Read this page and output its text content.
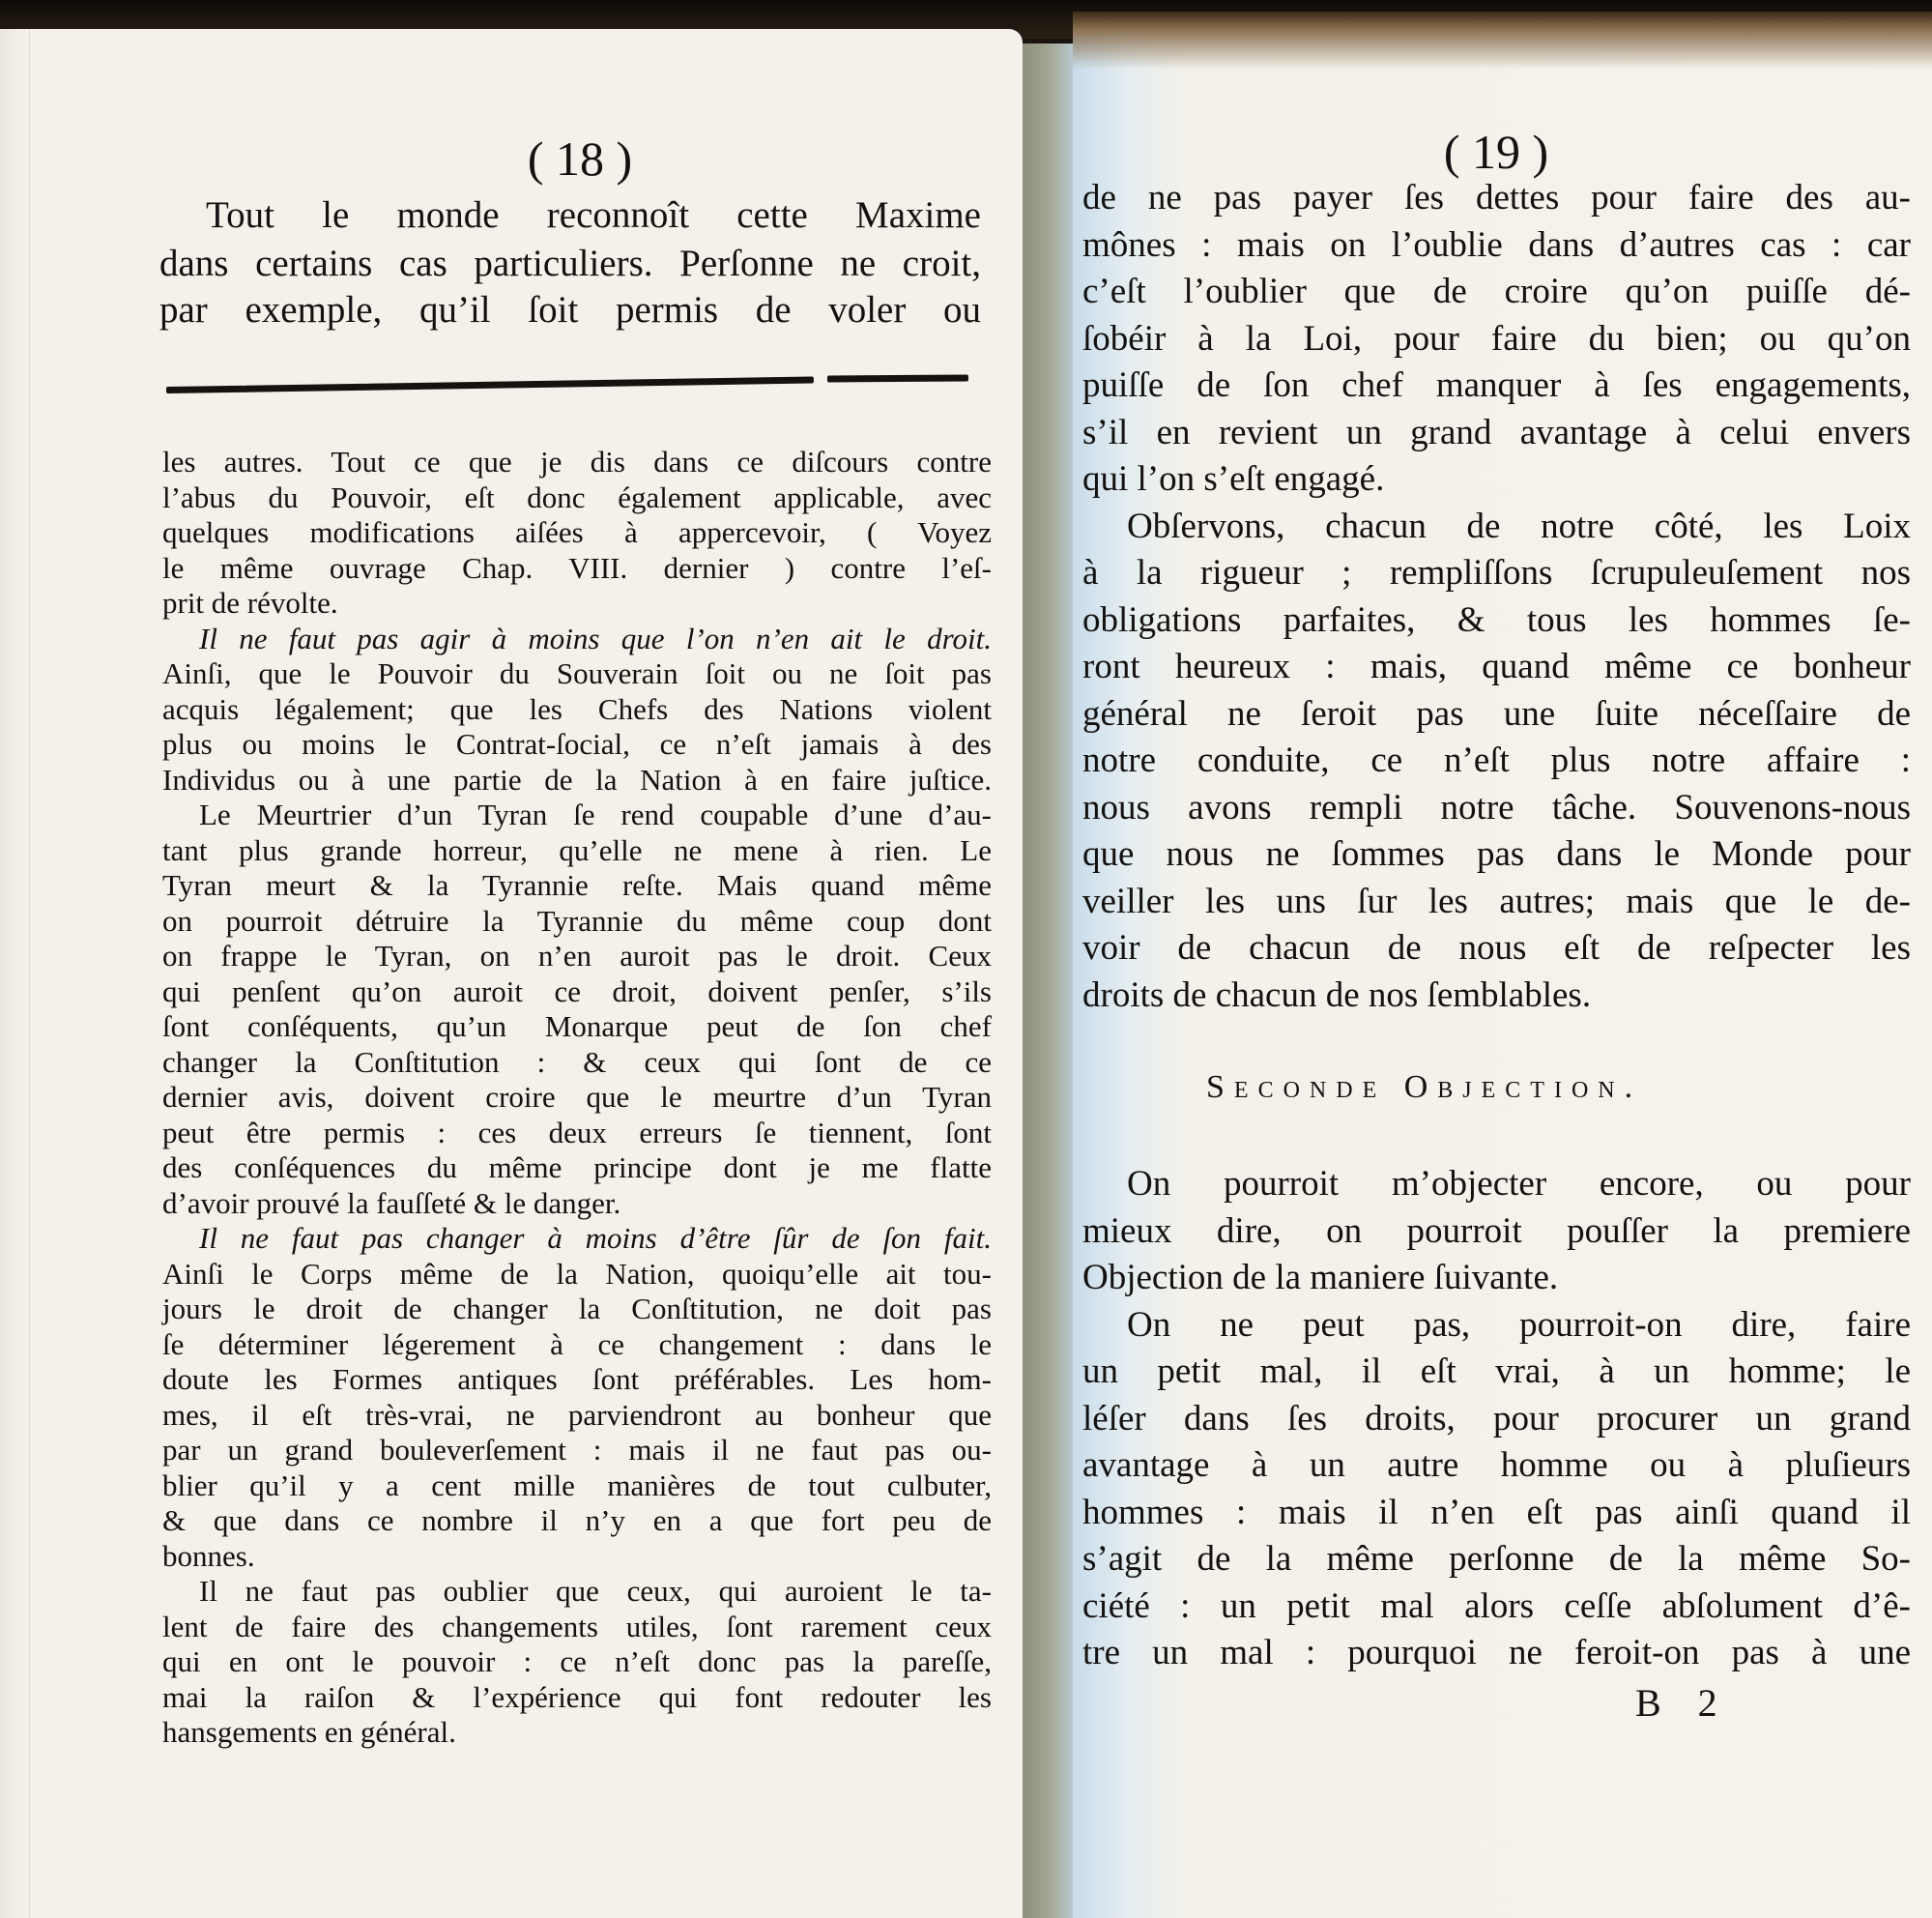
( 18 )
Tout le monde reconnoît cette Maxime
dans certains cas particuliers. Perſonne ne croit,
par exemple, qu’il ſoit permis de voler ou
les autres. Tout ce que je dis dans ce diſcours contre
l’abus du Pouvoir, eſt donc également applicable, avec
quelques modifications aiſées à appercevoir, ( Voyez
le même ouvrage Chap. VIII. dernier ) contre l’eſ-
prit de révolte.
Il ne faut pas agir à moins que l’on n’en ait le droit.
Ainſi, que le Pouvoir du Souverain ſoit ou ne ſoit pas
acquis légalement; que les Chefs des Nations violent
plus ou moins le Contrat-ſocial, ce n’eſt jamais à des
Individus ou à une partie de la Nation à en faire juſtice.
Le Meurtrier d’un Tyran ſe rend coupable d’une d’au-
tant plus grande horreur, qu’elle ne mene à rien. Le
Tyran meurt & la Tyrannie reſte. Mais quand même
on pourroit détruire la Tyrannie du même coup dont
on frappe le Tyran, on n’en auroit pas le droit. Ceux
qui penſent qu’on auroit ce droit, doivent penſer, s’ils
ſont conſéquents, qu’un Monarque peut de ſon chef
changer la Conſtitution : & ceux qui ſont de ce
dernier avis, doivent croire que le meurtre d’un Tyran
peut être permis : ces deux erreurs ſe tiennent, ſont
des conſéquences du même principe dont je me flatte
d’avoir prouvé la fauſſeté & le danger.
Il ne faut pas changer à moins d’être ſûr de ſon fait.
Ainſi le Corps même de la Nation, quoiqu’elle ait tou-
jours le droit de changer la Conſtitution, ne doit pas
ſe déterminer légerement à ce changement : dans le
doute les Formes antiques ſont préférables. Les hom-
mes, il eſt très-vrai, ne parviendront au bonheur que
par un grand bouleverſement : mais il ne faut pas ou-
blier qu’il y a cent mille manières de tout culbuter,
& que dans ce nombre il n’y en a que fort peu de
bonnes.
Il ne faut pas oublier que ceux, qui auroient le ta-
lent de faire des changements utiles, ſont rarement ceux
qui en ont le pouvoir : ce n’eſt donc pas la pareſſe,
mai la raiſon & l’expérience qui font redouter les
hansgements en général.
( 19 )
de ne pas payer ſes dettes pour faire des au-
mônes : mais on l’oublie dans d’autres cas : car
c’eſt l’oublier que de croire qu’on puiſſe dé-
ſobéir à la Loi, pour faire du bien; ou qu’on
puiſſe de ſon chef manquer à ſes engagements,
s’il en revient un grand avantage à celui envers
qui l’on s’eſt engagé.
Obſervons, chacun de notre côté, les Loix
à la rigueur ; rempliſſons ſcrupuleuſement nos
obligations parfaites, & tous les hommes ſe-
ront heureux : mais, quand même ce bonheur
général ne ſeroit pas une ſuite néceſſaire de
notre conduite, ce n’eſt plus notre affaire :
nous avons rempli notre tâche. Souvenons-nous
que nous ne ſommes pas dans le Monde pour
veiller les uns ſur les autres; mais que le de-
voir de chacun de nous eſt de reſpecter les
droits de chacun de nos ſemblables.
Seconde Objection.
On pourroit m’objecter encore, ou pour
mieux dire, on pourroit pouſſer la premiere
Objection de la maniere ſuivante.
On ne peut pas, pourroit-on dire, faire
un petit mal, il eſt vrai, à un homme; le
léſer dans ſes droits, pour procurer un grand
avantage à un autre homme ou à pluſieurs
hommes : mais il n’en eſt pas ainſi quand il
s’agit de la même perſonne de la même So-
ciété : un petit mal alors ceſſe abſolument d’ê-
tre un mal : pourquoi ne feroit-on pas à une
B 2
